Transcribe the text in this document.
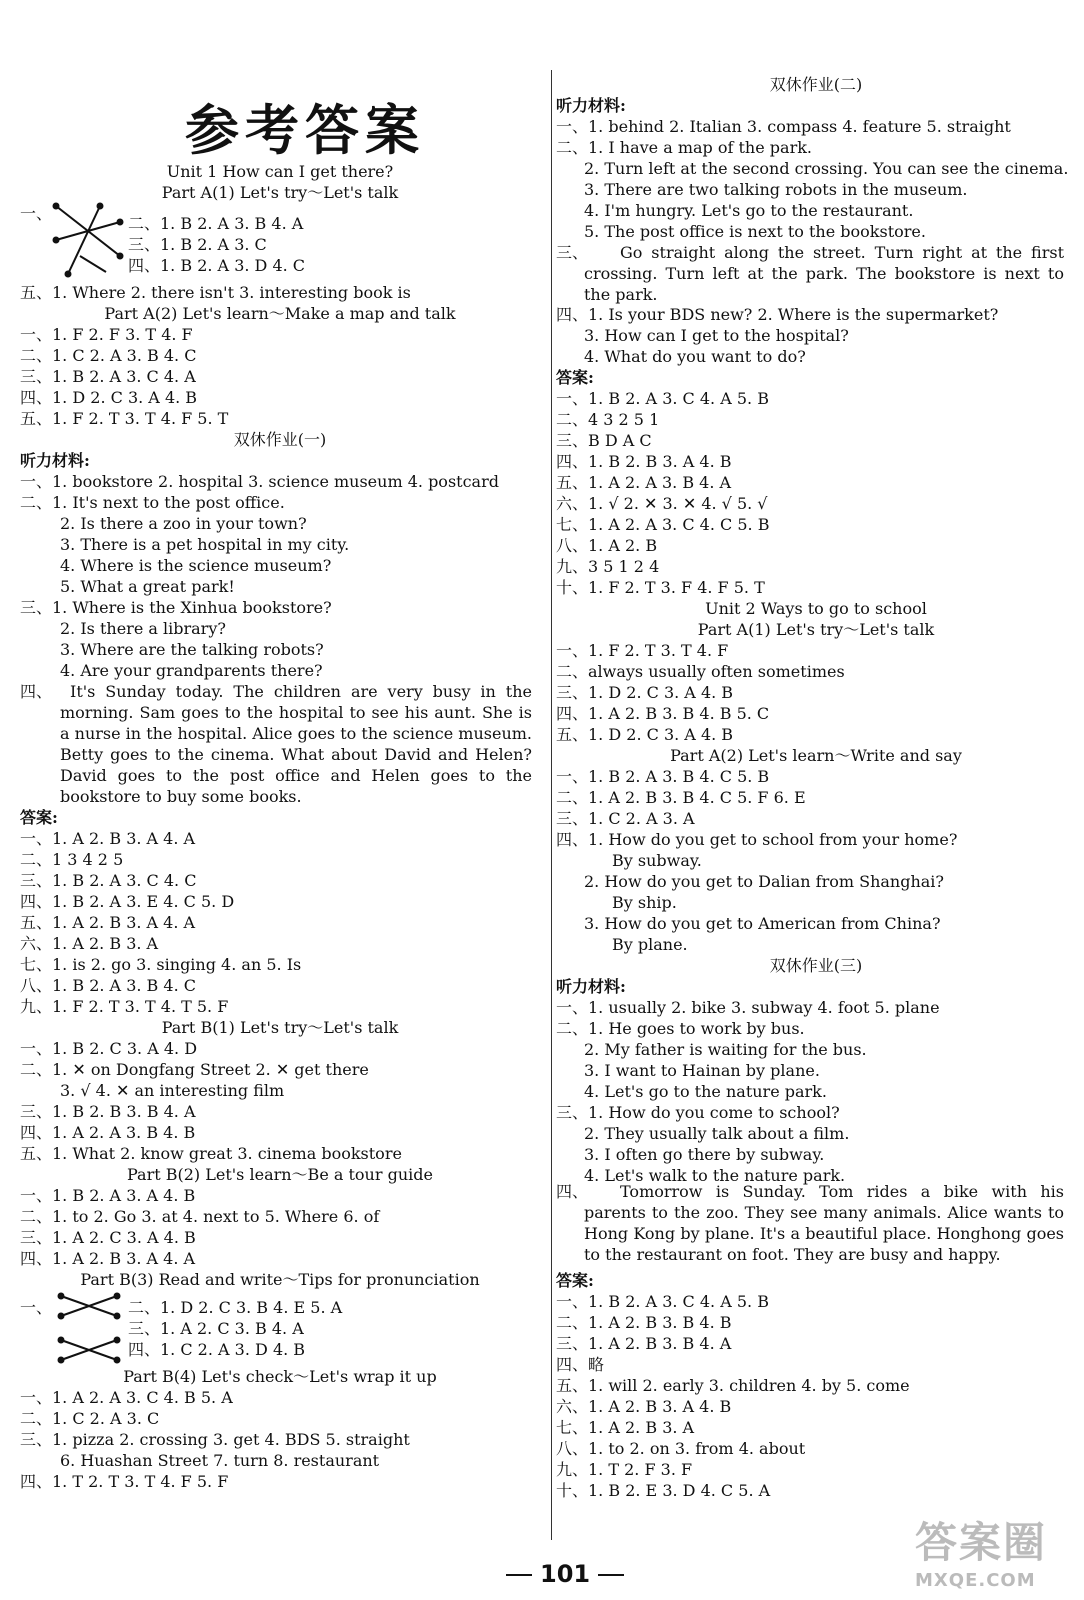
参考答案
Unit 1 How can I get there?
Part A(1) Let's try～Let's talk
一、
二、1. B 2. A 3. B 4. A
三、1. B 2. A 3. C
四、1. B 2. A 3. D 4. C
五、1. Where 2. there isn't 3. interesting book is
Part A(2) Let's learn～Make a map and talk
一、1. F 2. F 3. T 4. F
二、1. C 2. A 3. B 4. C
三、1. B 2. A 3. C 4. A
四、1. D 2. C 3. A 4. B
五、1. F 2. T 3. T 4. F 5. T
双休作业(一)
听力材料:
一、1. bookstore 2. hospital 3. science museum 4. postcard
二、1. It's next to the post office.
2. Is there a zoo in your town?
3. There is a pet hospital in my city.
4. Where is the science museum?
5. What a great park!
三、1. Where is the Xinhua bookstore?
2. Is there a library?
3. Where are the talking robots?
4. Are your grandparents there?
答案:
一、1. A 2. B 3. A 4. A
二、1 3 4 2 5
三、1. B 2. A 3. C 4. C
四、1. B 2. A 3. E 4. C 5. D
五、1. A 2. B 3. A 4. A
六、1. A 2. B 3. A
七、1. is 2. go 3. singing 4. an 5. Is
八、1. B 2. A 3. B 4. C
九、1. F 2. T 3. T 4. T 5. F
Part B(1) Let's try～Let's talk
一、1. B 2. C 3. A 4. D
二、1. ✕ on Dongfang Street 2. ✕ get there
3. √ 4. ✕ an interesting film
三、1. B 2. B 3. B 4. A
四、1. A 2. A 3. B 4. B
五、1. What 2. know great 3. cinema bookstore
Part B(2) Let's learn～Be a tour guide
一、1. B 2. A 3. A 4. B
二、1. to 2. Go 3. at 4. next to 5. Where 6. of
三、1. A 2. C 3. A 4. B
四、1. A 2. B 3. A 4. A
Part B(3) Read and write～Tips for pronunciation
一、	二、1. D 2. C 3. B 4. E 5. A
三、1. A 2. C 3. B 4. A
四、1. C 2. A 3. D 4. B
Part B(4) Let's check～Let's wrap it up
一、1. A 2. A 3. C 4. B 5. A
二、1. C 2. A 3. C
三、1. pizza 2. crossing 3. get 4. BDS 5. straight
6. Huashan Street 7. turn 8. restaurant
四、1. T 2. T 3. T 4. F 5. F
双休作业(二)
听力材料:
一、1. behind 2. Italian 3. compass 4. feature 5. straight
二、1. I have a map of the park.
2. Turn left at the second crossing. You can see the cinema.
3. There are two talking robots in the museum.
4. I'm hungry. Let's go to the restaurant.
5. The post office is next to the bookstore.
四、1. Is your BDS new? 2. Where is the supermarket?
3. How can I get to the hospital?
4. What do you want to do?
答案:
一、1. B 2. A 3. C 4. A 5. B
二、4 3 2 5 1
三、B D A C
四、1. B 2. B 3. A 4. B
五、1. A 2. A 3. B 4. A
六、1. √ 2. ✕ 3. ✕ 4. √ 5. √
七、1. A 2. A 3. C 4. C 5. B
八、1. A 2. B
九、3 5 1 2 4
十、1. F 2. T 3. F 4. F 5. T
Unit 2 Ways to go to school
Part A(1) Let's try～Let's talk
一、1. F 2. T 3. T 4. F
二、always usually often sometimes
三、1. D 2. C 3. A 4. B
四、1. A 2. B 3. B 4. B 5. C
五、1. D 2. C 3. A 4. B
Part A(2) Let's learn～Write and say
一、1. B 2. A 3. B 4. C 5. B
二、1. A 2. B 3. B 4. C 5. F 6. E
三、1. C 2. A 3. A
四、1. How do you get to school from your home?
By subway.
2. How do you get to Dalian from Shanghai?
By ship.
3. How do you get to American from China?
By plane.
双休作业(三)
听力材料:
一、1. usually 2. bike 3. subway 4. foot 5. plane
二、1. He goes to work by bus.
2. My father is waiting for the bus.
3. I want to Hainan by plane.
4. Let's go to the nature park.
三、1. How do you come to school?
2. They usually talk about a film.
3. I often go there by subway.
4. Let's walk to the nature park.
答案:
一、1. B 2. A 3. C 4. A 5. B
二、1. A 2. B 3. B 4. B
三、1. A 2. B 3. B 4. A
四、略
五、1. will 2. early 3. children 4. by 5. come
六、1. A 2. B 3. A 4. B
七、1. A 2. B 3. A
八、1. to 2. on 3. from 4. about
九、1. T 2. F 3. F
十、1. B 2. E 3. D 4. C 5. A
四、	It's Sunday today. The children are very busy in the morning. Sam goes to the hospital to see his aunt. She is a nurse in the hospital. Alice goes to the science museum. Betty goes to the cinema. What about David and Helen? David goes to the post office and Helen goes to the bookstore to buy some books.
三、	Go straight along the street. Turn right at the first crossing. Turn left at the park. The bookstore is next to the park.
四、	Tomorrow is Sunday. Tom rides a bike with his parents to the zoo. They see many animals. Alice wants to Hong Kong by plane. It's a beautiful place. Honghong goes to the restaurant on foot. They are busy and happy.
101
答案圈
MXQE.COM
